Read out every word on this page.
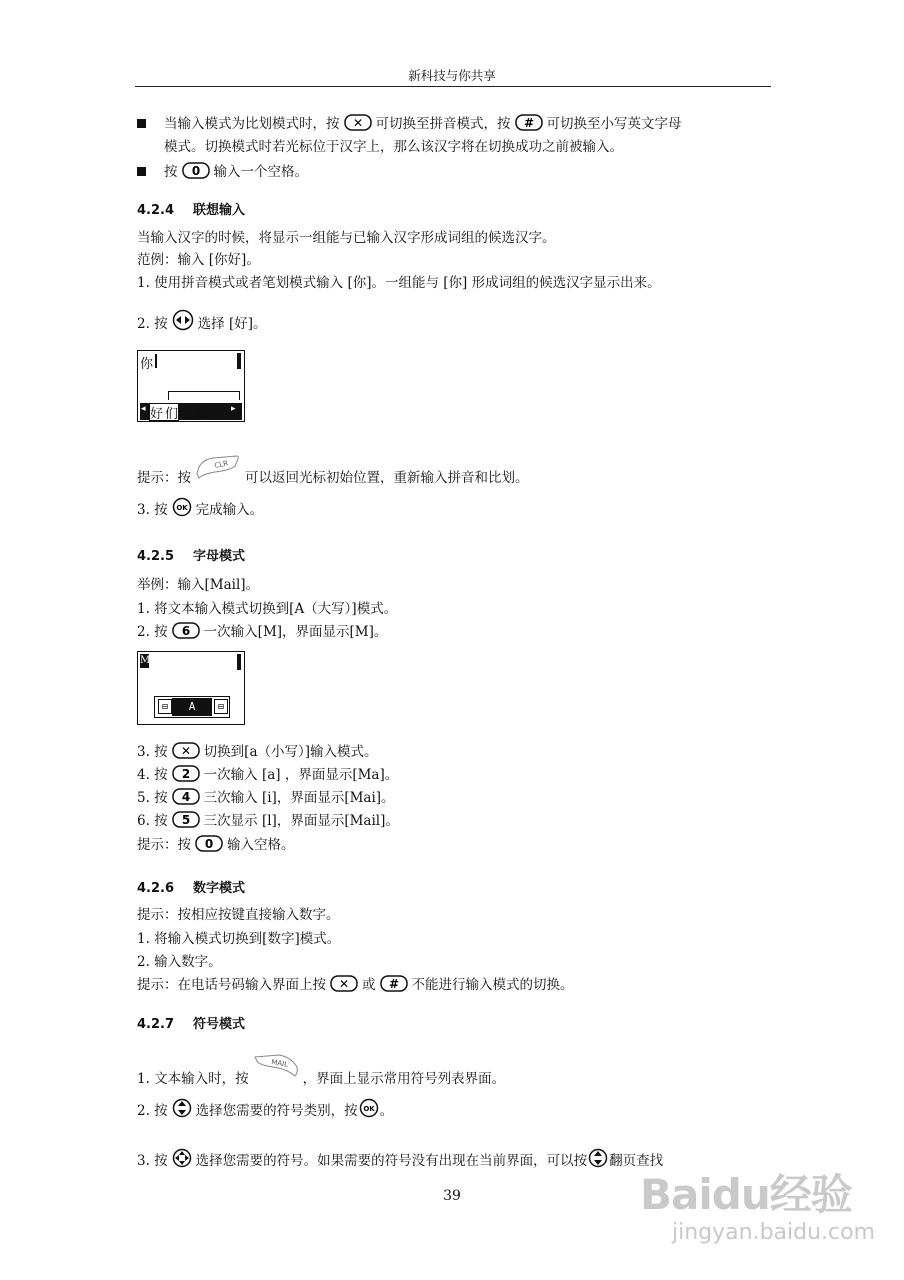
新科技与你共享
当输入模式为比划模式时，按 ✕ 可切换至拼音模式，按 # 可切换至小写英文字母
模式。切换模式时若光标位于汉字上，那么该汉字将在切换成功之前被输入。
按 0 输入一个空格。
4.2.4 联想输入
当输入汉字的时候，将显示一组能与已输入汉字形成词组的候选汉字。
范例：输入 [你好]。
1. 使用拼音模式或者笔划模式输入 [你]。一组能与 [你] 形成词组的候选汉字显示出来。
2. 按 选择 [好]。
你
◂ 好们的家 ▸
提示：按
CLR
可以返回光标初始位置，重新输入拼音和比划。
3. 按 OK 完成输入。
4.2.5 字母模式
举例：输入[Mail]。
1. 将文本输入模式切换到[A（大写）]模式。
2. 按 6 一次输入[M]，界面显示[M]。
M
⊟	A	⊟
3. 按 ✕ 切换到[a（小写）]输入模式。
4. 按 2 一次输入 [a] ，界面显示[Ma]。
5. 按 4 三次输入 [i]，界面显示[Mai]。
6. 按 5 三次显示 [l]，界面显示[Mail]。
提示：按 0 输入空格。
4.2.6 数字模式
提示：按相应按键直接输入数字。
1. 将输入模式切换到[数字]模式。
2. 输入数字。
提示：在电话号码输入界面上按 ✕ 或 # 不能进行输入模式的切换。
4.2.7 符号模式
1. 文本输入时，按
MAIL
，界面上显示常用符号列表界面。
2. 按 选择您需要的符号类别，按 OK 。
3. 按 选择您需要的符号。如果需要的符号没有出现在当前界面，可以按 翻页查找
39	Baidu经验
jingyan.baidu.com
